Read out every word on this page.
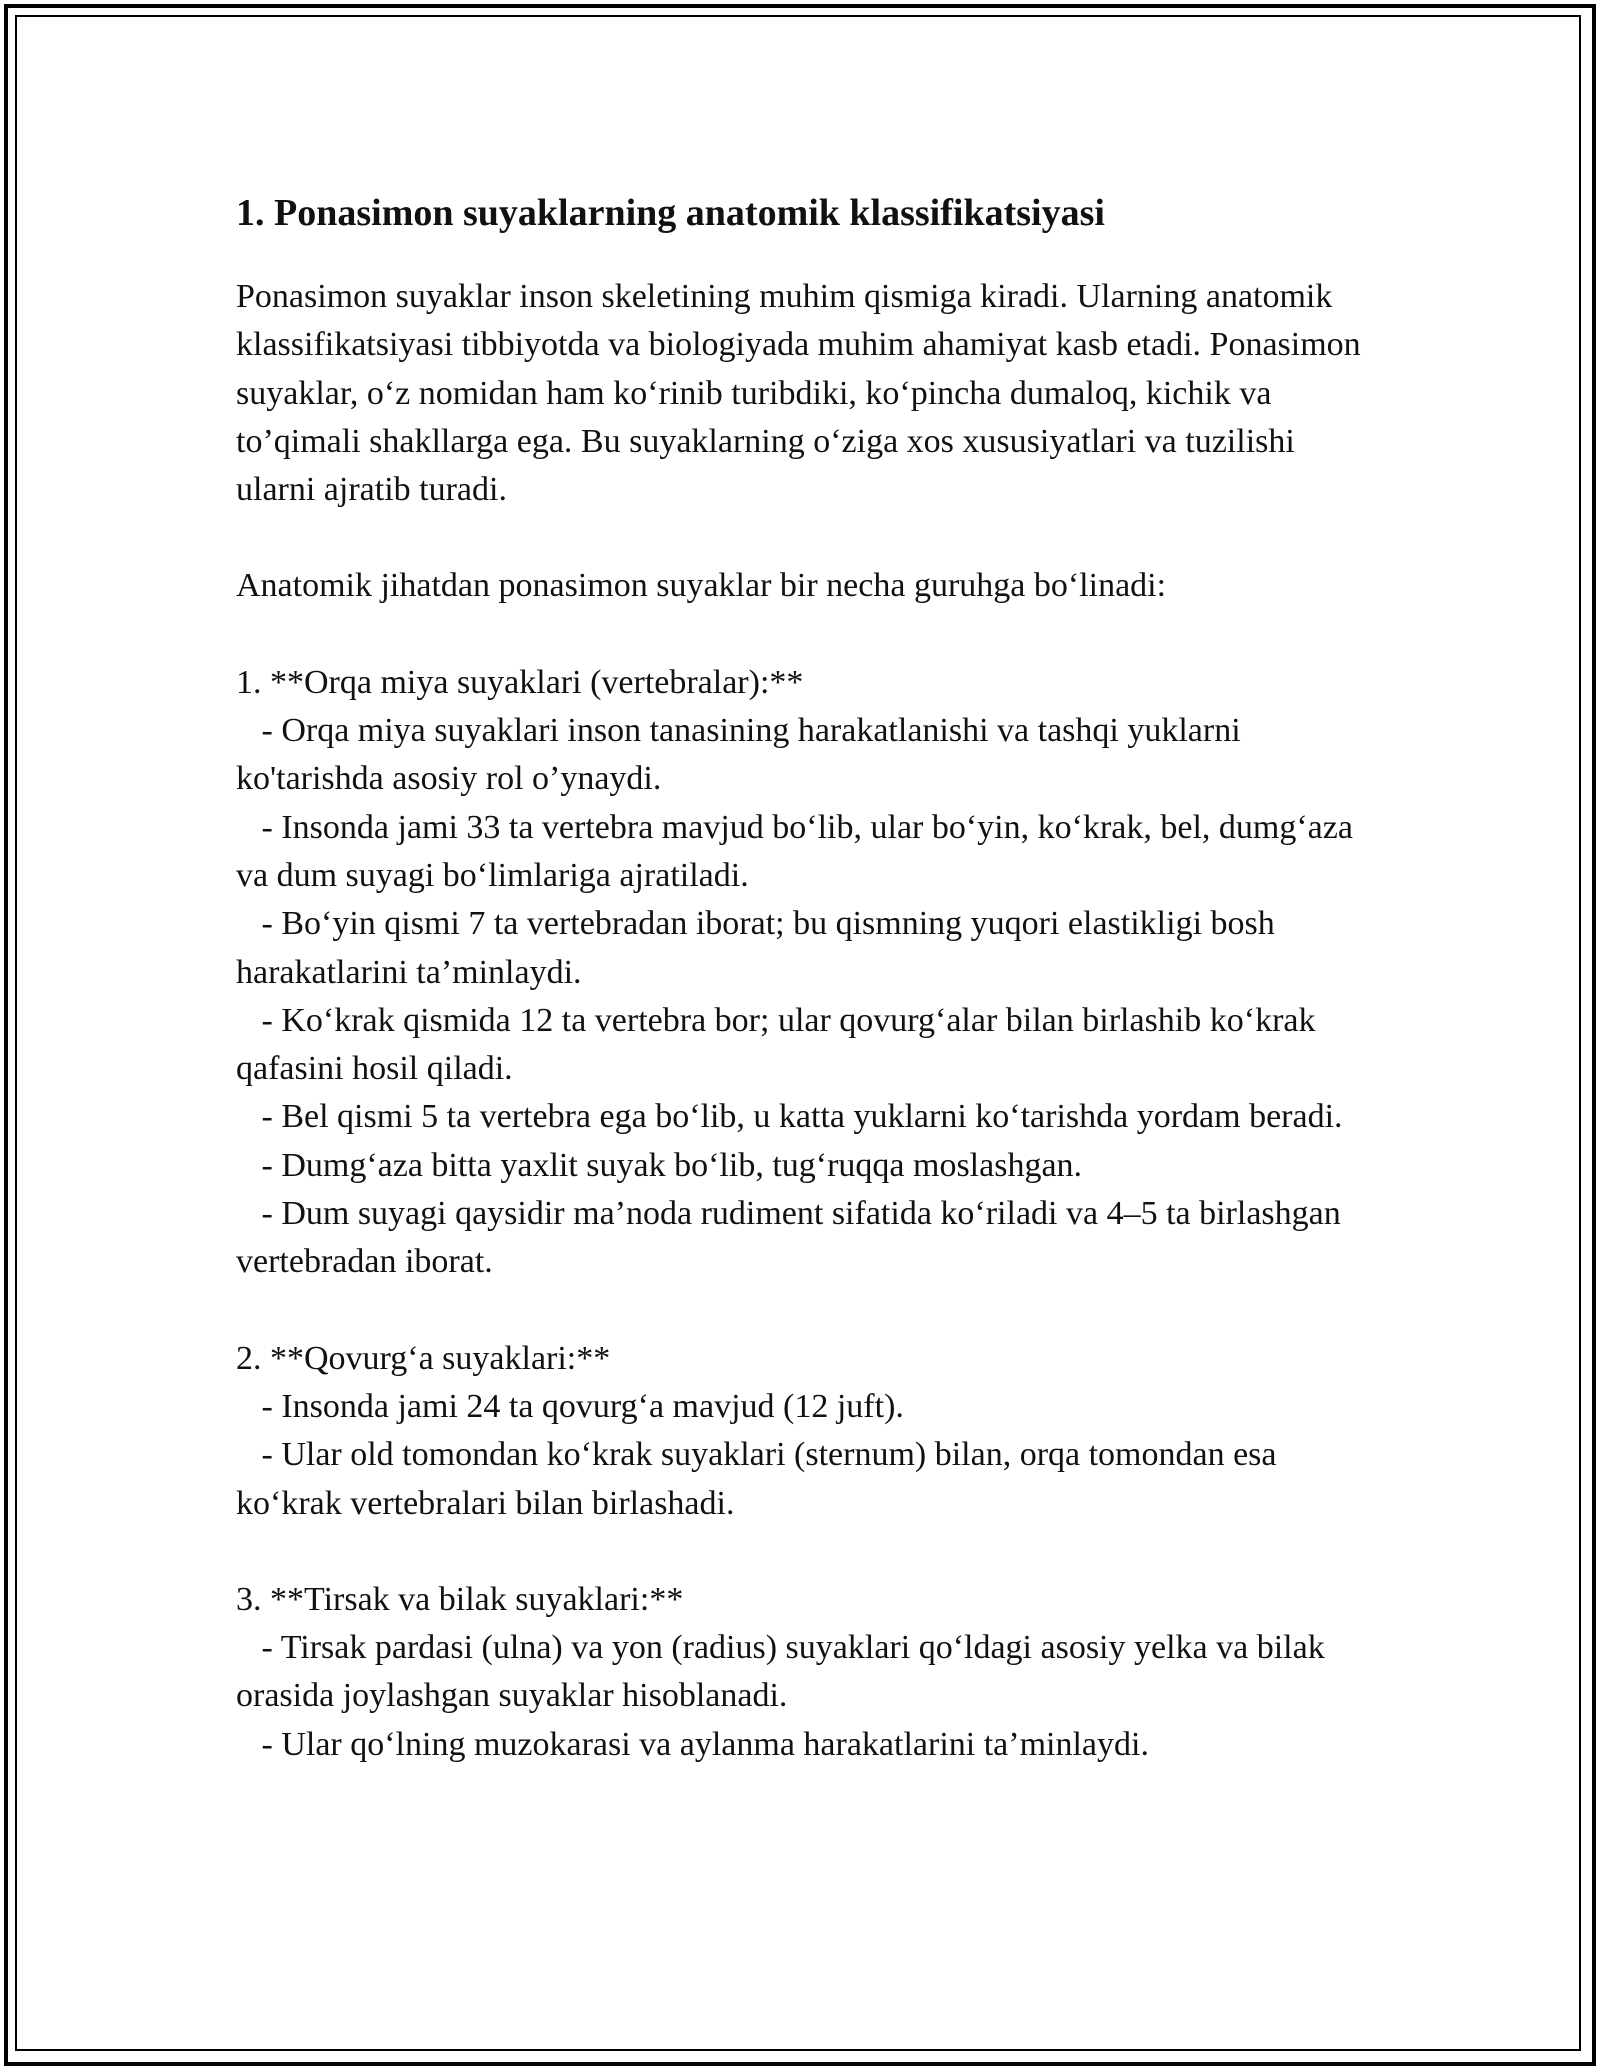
1. Ponasimon suyaklarning anatomik klassifikatsiyasi

Ponasimon suyaklar inson skeletining muhim qismiga kiradi. Ularning anatomik klassifikatsiyasi tibbiyotda va biologiyada muhim ahamiyat kasb etadi. Ponasimon suyaklar, o‘z nomidan ham ko‘rinib turibdiki, ko‘pincha dumaloq, kichik va to’qimali shakllarga ega. Bu suyaklarning o‘ziga xos xususiyatlari va tuzilishi ularni ajratib turadi.

Anatomik jihatdan ponasimon suyaklar bir necha guruhga bo‘linadi:

1. **Orqa miya suyaklari (vertebralar):**
- Orqa miya suyaklari inson tanasining harakatlanishi va tashqi yuklarni ko'tarishda asosiy rol o’ynaydi.
- Insonda jami 33 ta vertebra mavjud bo‘lib, ular bo‘yin, ko‘krak, bel, dumg‘aza va dum suyagi bo‘limlariga ajratiladi.
- Bo‘yin qismi 7 ta vertebradan iborat; bu qismning yuqori elastikligi bosh harakatlarini ta’minlaydi.
- Ko‘krak qismida 12 ta vertebra bor; ular qovurg‘alar bilan birlashib ko‘krak qafasini hosil qiladi.
- Bel qismi 5 ta vertebra ega bo‘lib, u katta yuklarni ko‘tarishda yordam beradi.
- Dumg‘aza bitta yaxlit suyak bo‘lib, tug‘ruqqa moslashgan.
- Dum suyagi qaysidir ma’noda rudiment sifatida ko‘riladi va 4–5 ta birlashgan vertebradan iborat.
2. **Qovurg‘a suyaklari:**
- Insonda jami 24 ta qovurg‘a mavjud (12 juft).
- Ular old tomondan ko‘krak suyaklari (sternum) bilan, orqa tomondan esa ko‘krak vertebralari bilan birlashadi.
3. **Tirsak va bilak suyaklari:**
- Tirsak pardasi (ulna) va yon (radius) suyaklari qo‘ldagi asosiy yelka va bilak orasida joylashgan suyaklar hisoblanadi.
- Ular qo‘lning muzokarasi va aylanma harakatlarini ta’minlaydi.
